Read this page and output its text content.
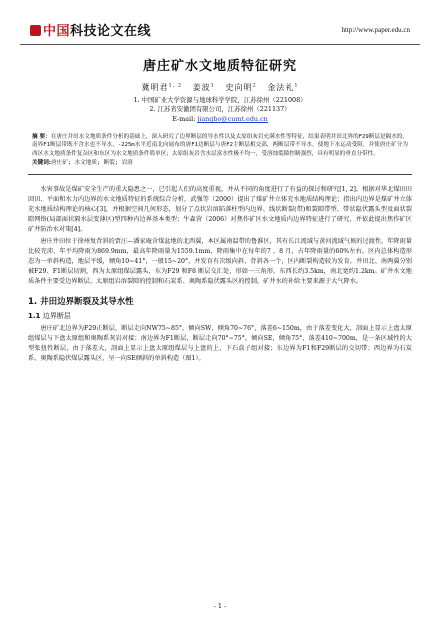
中国科技论文在线	http://www.paper.edu.cn
唐庄矿水文地质特征研究
冀明君$^{1, 2}$ 姜波$^1$ 史向明$^2$ 金法礼$^1$
1. 中国矿业大学资源与地球科学学院，江苏徐州（221008）
2. 江苏省安徽团有限公司，江苏徐州（221137）
E-mail: jiangbo@cumt.edu.cn
摘 要：在唐庄井田水文地质条件分析的基础上，深入研究了边界断层的导水性以及太原组灰岩充满水性等特征，结果表明井田北界的F29断层是隔水的，南界F1断层带既不含水也不导水，-225m水平近南北向展布的唐F1边断层与唐F2主断层相交部，两断层带不导水，使地下水运动受阻，并使唐庄矿分为西区水文地质条件复杂区和东区为水文地质条件简单区；太原组灰岩含水层富水性极不均一，受溶蚀裂隙控制强烈，具有明显的垂直分带性。
关键词:唐庄矿; 水文地质; 断裂; 岩溶

水害事故是煤矿安全生产的重大隐患之一，已引起人们的高度重视，并从不同的角度进行了有益的探讨和研究[1, 2]。根据对华北煤田田回田、平面和水力内边界的水文地质特征的系统综合分析，武强等（2000）提出了煤矿井立体充水地质结构理论；指出内边界是煤矿井立体充水地质结构理论的核心[3]，并根据空间几何形态，划分了点状岩溶陷落柱型内边界、线状断裂(带)和裂隙带型、带状隐伏露头型及面状裂隙网络(局部面状隔水层变薄区)型四种内边界基本类型；牛森营（2006）对焦作矿区水文地质内边界特征进行了研究，并依此提出焦作矿区矿井防治水对策[4]。

唐庄井田位于徐州复背斜的贾汪—潘家庵含煤盆地的北西翼，本区属南温带的鲁淮区，其有长江流域与黄河流域气候的过渡性，年降雨量比较充沛，年平均降雨为869.9mm，最高年降雨量为1559.1mm，降雨集中在每年的7 、8 月，占年降雨量的60%左右。区内总体构造形态为一单斜构造，地层平缓，倾角10~41°，一般15~20°，并发育有次级向斜、背斜各一个，区内断裂构造较为发育，井田北、南两翼分别被F29、F1断层切割，西为太原组煤层露头，东为F29 和F8 断层交汇处，形如一三角形，东西长约3.5km，南北宽约1.2km。矿井水文地质条件主要受边界断层、太原组岩溶裂隙的控制和石炭系、奥陶系隐伏露头区的控制，矿井水的补给主要来源于大气降水。

1. 井田边界断裂及其导水性
1.1 边界断层

唐庄矿北边界为F29正断层，断层走向NW75~85°，倾向SW，倾角70~76°，落差6~150m，由于落差变化大，剖面上显示上盘太原组煤层与下盘太原组和奥陶系灰岩对接；南边界为F1断层，断层走向70°~75°，倾向SE，倾角75°，落差410~700m，是一条区域性的大型张扭性断层，由于落差大，剖面上显示上盘太原组煤层与上盘的上，下石盒子组对接；东边界为F1和F29断层的交切带；西边界为石炭系、奥陶系隐伏煤层露头区，呈一向SE倾斜的单斜构造（图1）。

- 1 -
